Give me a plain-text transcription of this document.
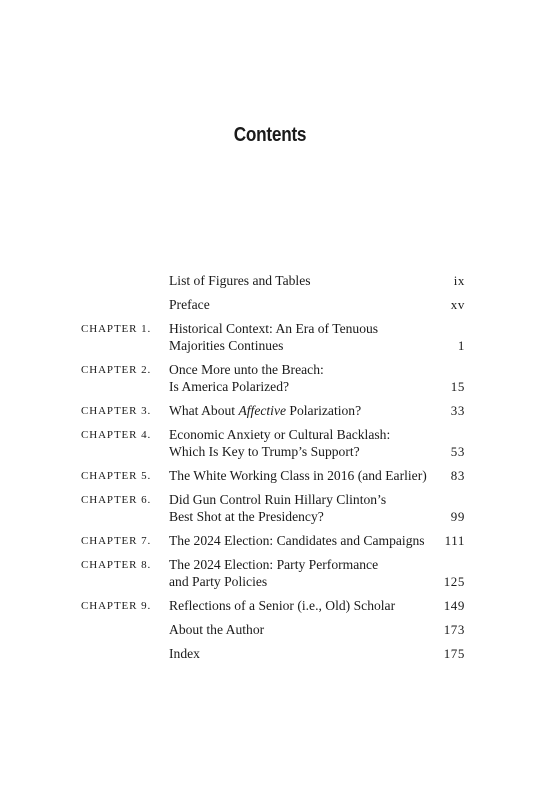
Contents
List of Figures and Tables	ix
Preface	xv
CHAPTER 1. Historical Context: An Era of Tenuous
Majorities Continues	1
CHAPTER 2. Once More unto the Breach:
Is America Polarized?	15
CHAPTER 3. What About Affective Polarization?	33
CHAPTER 4. Economic Anxiety or Cultural Backlash:
Which Is Key to Trump’s Support?	53
CHAPTER 5. The White Working Class in 2016 (and Earlier) 83
CHAPTER 6. Did Gun Control Ruin Hillary Clinton’s
Best Shot at the Presidency?	99
CHAPTER 7. The 2024 Election: Candidates and Campaigns	111
CHAPTER 8. The 2024 Election: Party Performance
and Party Policies	125
CHAPTER 9. Reflections of a Senior (i.e., Old) Scholar	149
About the Author	173
Index	175
